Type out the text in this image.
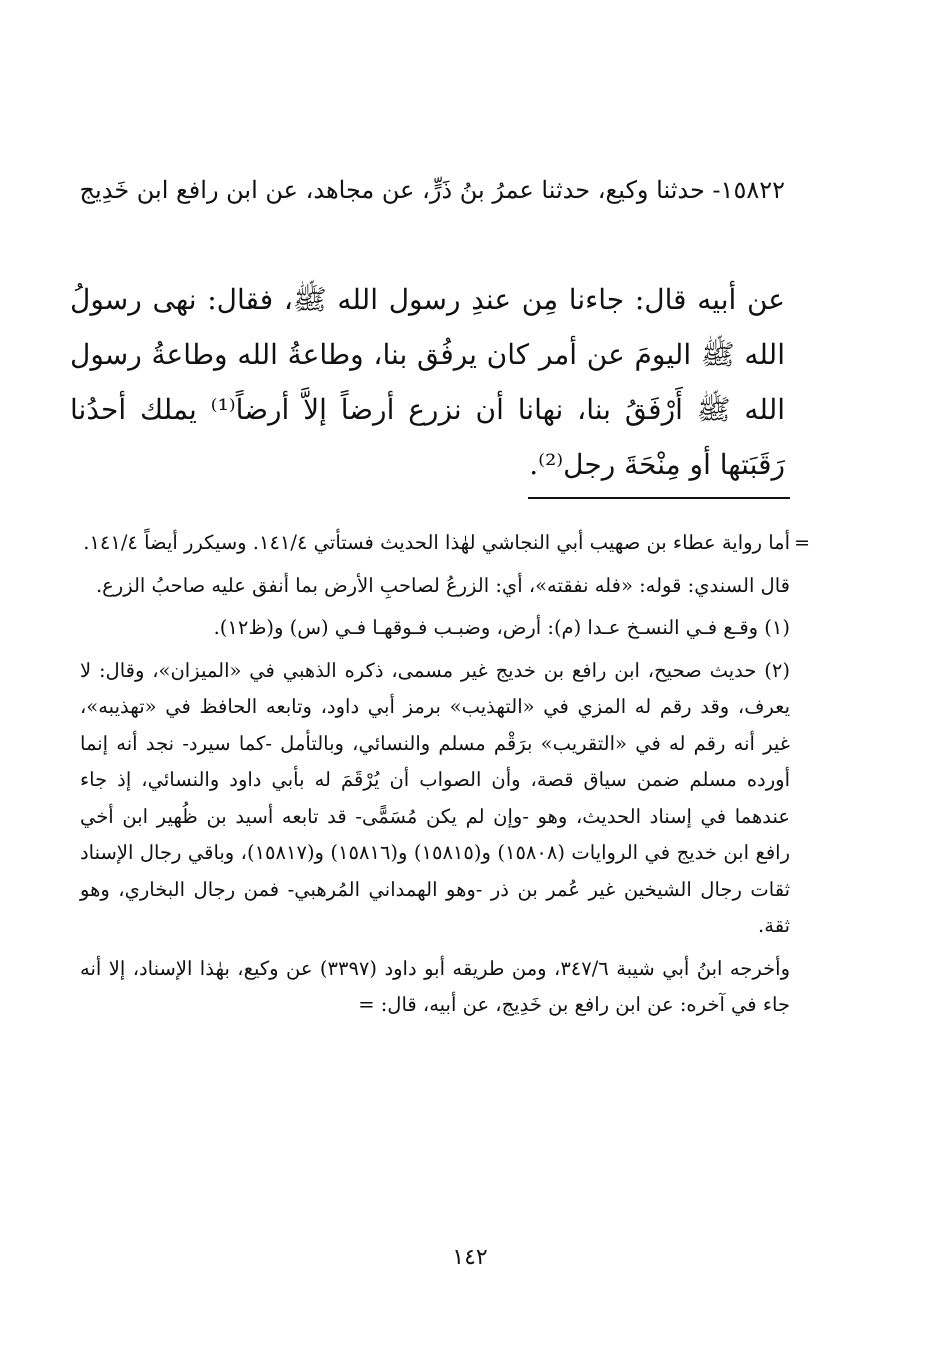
١٥٨٢٢- حدثنا وكيع، حدثنا عمرُ بنُ ذَرٍّ، عن مجاهد، عن ابن رافع ابن خَدِيج
عن أبيه قال: جاءنا مِن عندِ رسول الله ﷺ، فقال: نهى رسولُ الله ﷺ اليومَ عن أمر كان يرفُق بنا، وطاعةُ الله وطاعةُ رسول الله ﷺ أَرْفَقُ بنا، نهانا أن نزرع أرضاً إلاَّ أرضاً⁽¹⁾ يملك أحدُنا رَقَبَتها أو مِنْحَةَ رجل⁽²⁾.

=
أما رواية عطاء بن صهيب أبي النجاشي لهٰذا الحديث فستأتي ١٤١/٤. وسيكرر أيضاً ١٤١/٤.

قال السندي: قوله: «فله نفقته»، أي: الزرعُ لصاحبِ الأرض بما أنفق عليه صاحبُ الزرع.

(١) وقـع فـي النسـخ عـدا (م): أرض، وضبـب فـوقهـا فـي (س) و(ظ١٢).

(٢) حديث صحيح، ابن رافع بن خديج غير مسمى، ذكره الذهبي في «الميزان»، وقال: لا يعرف، وقد رقم له المزي في «التهذيب» برمز أبي داود، وتابعه الحافظ في «تهذيبه»، غير أنه رقم له في «التقريب» برَقْم مسلم والنسائي، وبالتأمل -كما سيرد- نجد أنه إنما أورده مسلم ضمن سياق قصة، وأن الصواب أن يُرْقَمَ له بأبي داود والنسائي، إذ جاء عندهما في إسناد الحديث، وهو -وإن لم يكن مُسَمًّى- قد تابعه أسيد بن ظُهير ابن أخي رافع ابن خديج في الروايات (١٥٨٠٨) و(١٥٨١٥) و(١٥٨١٦) و(١٥٨١٧)، وباقي رجال الإسناد ثقات رجال الشيخين غير عُمر بن ذر -وهو الهمداني المُرهبي- فمن رجال البخاري، وهو ثقة.

وأخرجه ابنُ أبي شيبة ٣٤٧/٦، ومن طريقه أبو داود (٣٣٩٧) عن وكيع، بهٰذا الإسناد، إلا أنه جاء في آخره: عن ابن رافع بن خَدِيج، عن أبيه، قال: =

١٤٢
